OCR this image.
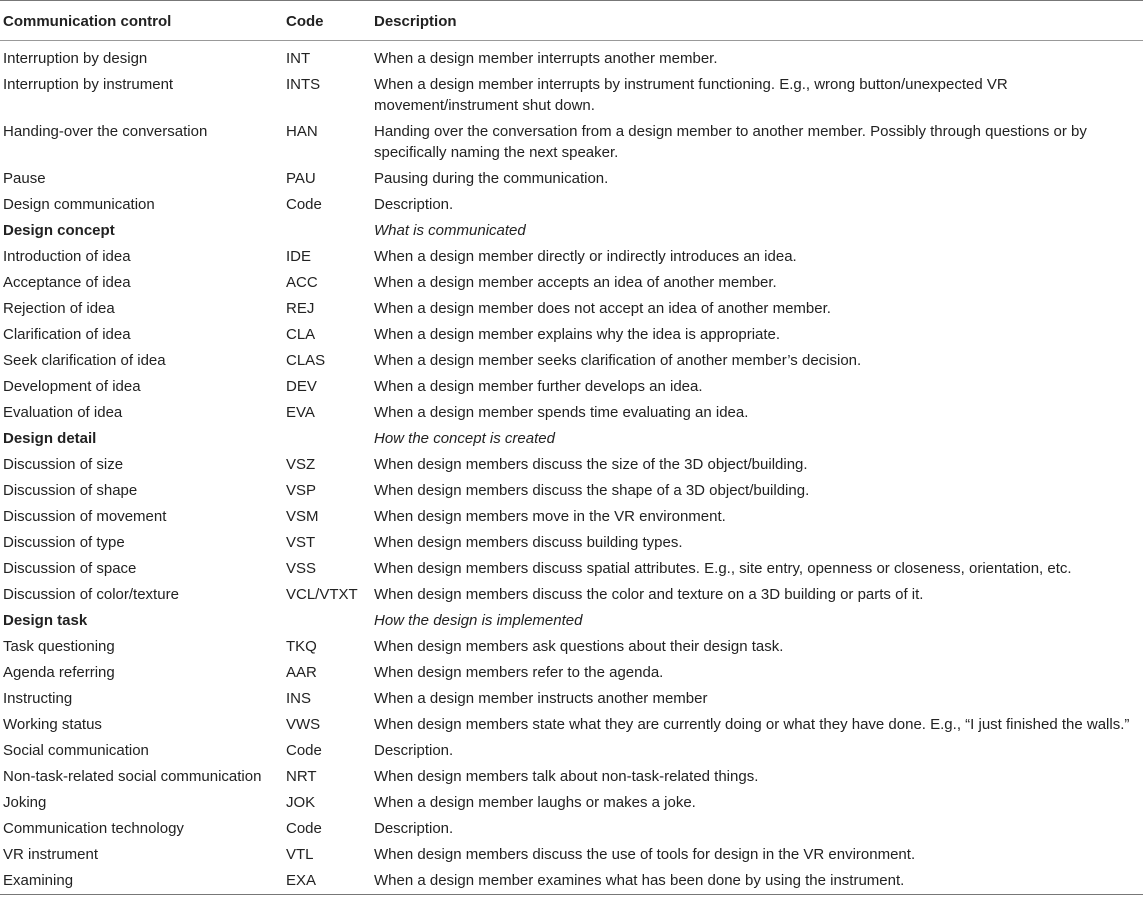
Communication control	Code	Description
Interruption by design	INT	When a design member interrupts another member.
Interruption by instrument	INTS	When a design member interrupts by instrument functioning. E.g., wrong button/unexpected VR movement/instrument shut down.
Handing-over the conversation	HAN	Handing over the conversation from a design member to another member. Possibly through questions or by specifically naming the next speaker.
Pause	PAU	Pausing during the communication.
Design communication	Code	Description.
Design concept		What is communicated
Introduction of idea	IDE	When a design member directly or indirectly introduces an idea.
Acceptance of idea	ACC	When a design member accepts an idea of another member.
Rejection of idea	REJ	When a design member does not accept an idea of another member.
Clarification of idea	CLA	When a design member explains why the idea is appropriate.
Seek clarification of idea	CLAS	When a design member seeks clarification of another member’s decision.
Development of idea	DEV	When a design member further develops an idea.
Evaluation of idea	EVA	When a design member spends time evaluating an idea.
Design detail		How the concept is created
Discussion of size	VSZ	When design members discuss the size of the 3D object/building.
Discussion of shape	VSP	When design members discuss the shape of a 3D object/building.
Discussion of movement	VSM	When design members move in the VR environment.
Discussion of type	VST	When design members discuss building types.
Discussion of space	VSS	When design members discuss spatial attributes. E.g., site entry, openness or closeness, orientation, etc.
Discussion of color/texture	VCL/VTXT	When design members discuss the color and texture on a 3D building or parts of it.
Design task		How the design is implemented
Task questioning	TKQ	When design members ask questions about their design task.
Agenda referring	AAR	When design members refer to the agenda.
Instructing	INS	When a design member instructs another member
Working status	VWS	When design members state what they are currently doing or what they have done. E.g., “I just finished the walls.”
Social communication	Code	Description.
Non-task-related social communication	NRT	When design members talk about non-task-related things.
Joking	JOK	When a design member laughs or makes a joke.
Communication technology	Code	Description.
VR instrument	VTL	When design members discuss the use of tools for design in the VR environment.
Examining	EXA	When a design member examines what has been done by using the instrument.
